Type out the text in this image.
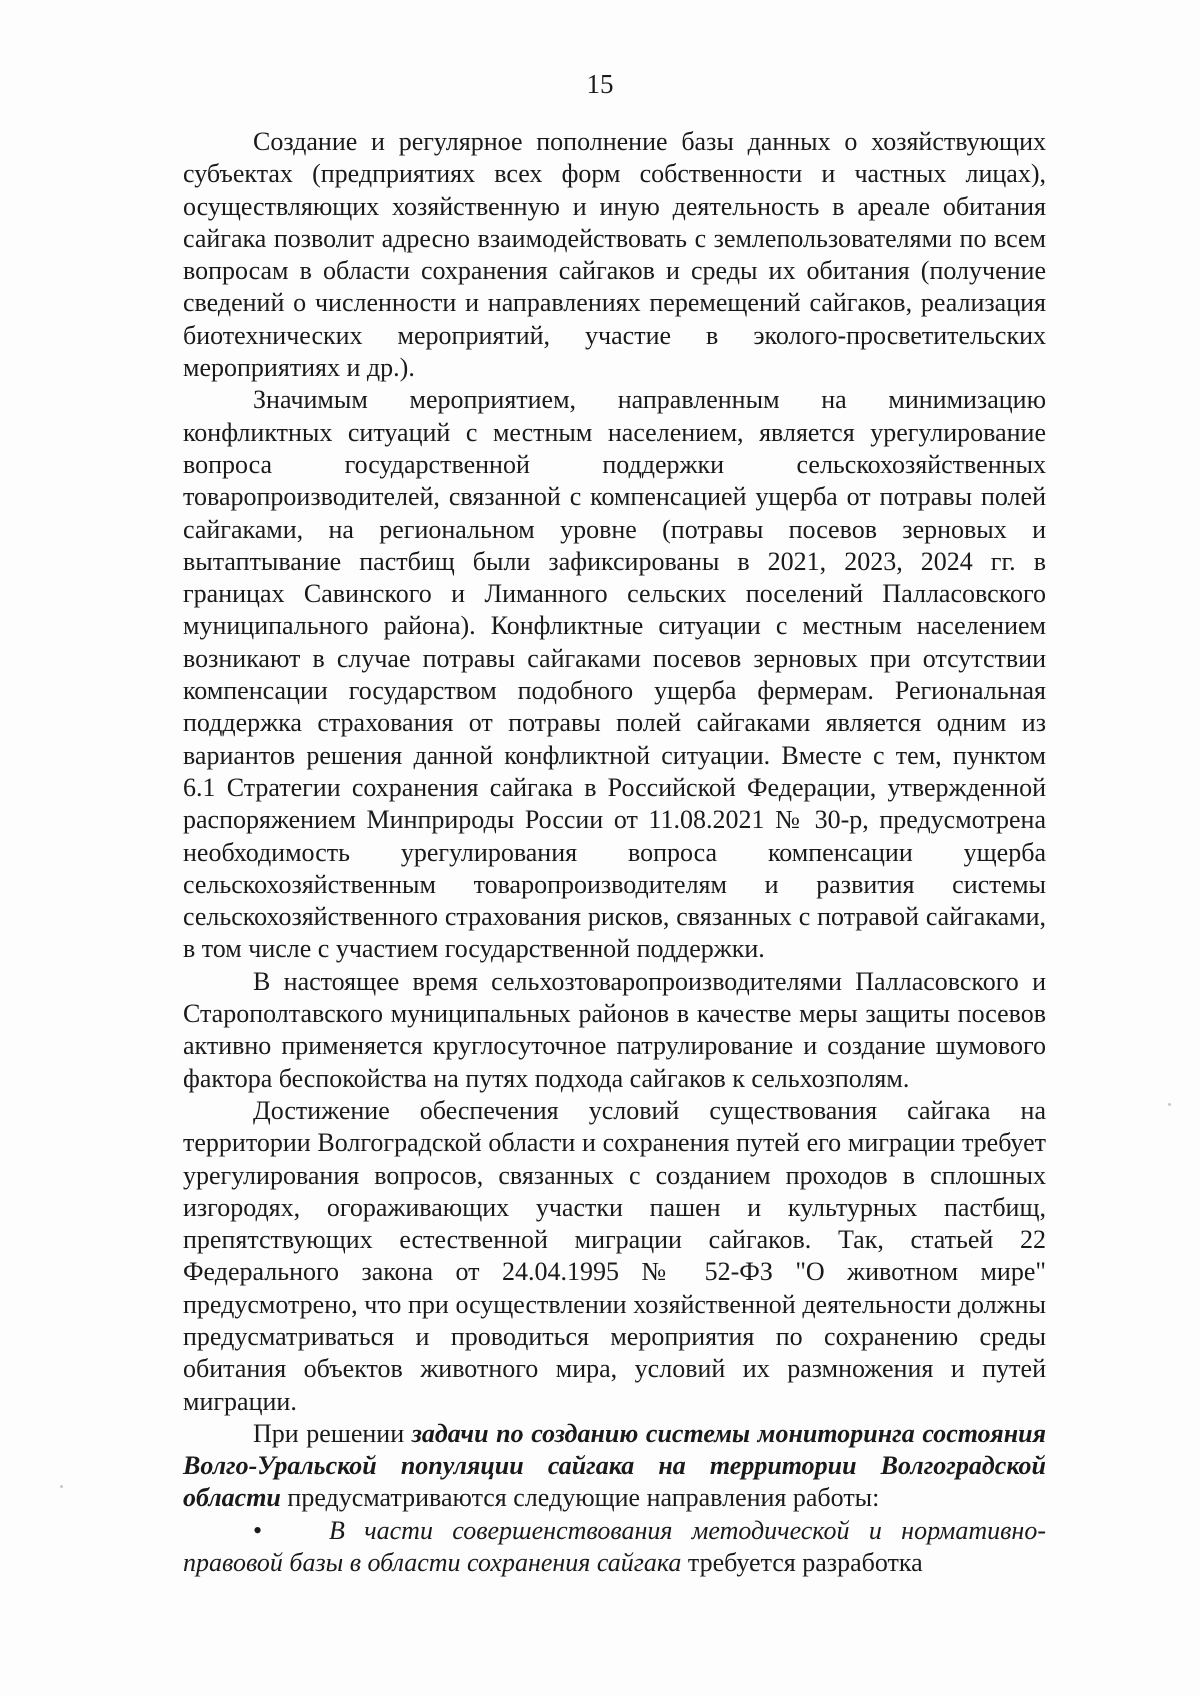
15

Создание и регулярное пополнение базы данных о хозяйствующих субъектах (предприятиях всех форм собственности и частных лицах), осуществляющих хозяйственную и иную деятельность в ареале обитания сайгака позволит адресно взаимодействовать с землепользователями по всем вопросам в области сохранения сайгаков и среды их обитания (получение сведений о численности и направлениях перемещений сайгаков, реализация биотехнических мероприятий, участие в эколого-просветительских мероприятиях и др.).

Значимым мероприятием, направленным на минимизацию конфликтных ситуаций с местным населением, является урегулирование вопроса государственной поддержки сельскохозяйственных товаропроизводителей, связанной с компенсацией ущерба от потравы полей сайгаками, на региональном уровне (потравы посевов зерновых и вытаптывание пастбищ были зафиксированы в 2021, 2023, 2024 гг. в границах Савинского и Лиманного сельских поселений Палласовского муниципального района). Конфликтные ситуации с местным населением возникают в случае потравы сайгаками посевов зерновых при отсутствии компенсации государством подобного ущерба фермерам. Региональная поддержка страхования от потравы полей сайгаками является одним из вариантов решения данной конфликтной ситуации. Вместе с тем, пунктом 6.1 Стратегии сохранения сайгака в Российской Федерации, утвержденной распоряжением Минприроды России от 11.08.2021 № 30-р, предусмотрена необходимость урегулирования вопроса компенсации ущерба сельскохозяйственным товаропроизводителям и развития системы сельскохозяйственного страхования рисков, связанных с потравой сайгаками, в том числе с участием государственной поддержки.

В настоящее время сельхозтоваропроизводителями Палласовского и Старополтавского муниципальных районов в качестве меры защиты посевов активно применяется круглосуточное патрулирование и создание шумового фактора беспокойства на путях подхода сайгаков к сельхозполям.

Достижение обеспечения условий существования сайгака на территории Волгоградской области и сохранения путей его миграции требует урегулирования вопросов, связанных с созданием проходов в сплошных изгородях, огораживающих участки пашен и культурных пастбищ, препятствующих естественной миграции сайгаков. Так, статьей 22 Федерального закона от 24.04.1995 № 52-ФЗ "О животном мире" предусмотрено, что при осуществлении хозяйственной деятельности должны предусматриваться и проводиться мероприятия по сохранению среды обитания объектов животного мира, условий их размножения и путей миграции.

При решении задачи по созданию системы мониторинга состояния Волго-Уральской популяции сайгака на территории Волгоградской области предусматриваются следующие направления работы:

•	В части совершенствования методической и нормативно-правовой базы в области сохранения сайгака требуется разработка
